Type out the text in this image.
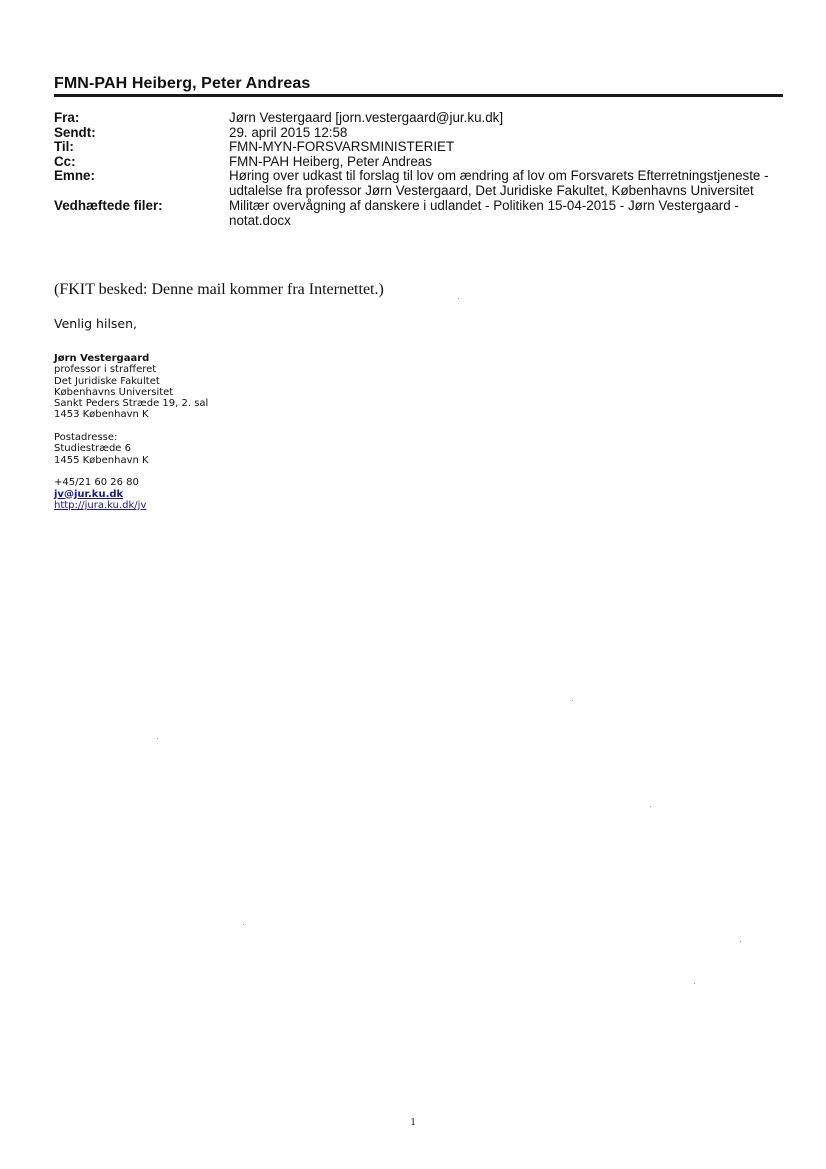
FMN-PAH Heiberg, Peter Andreas
Fra:	Jørn Vestergaard [jorn.vestergaard@jur.ku.dk]
Sendt:	29. april 2015 12:58
Til:	FMN-MYN-FORSVARSMINISTERIET
Cc:	FMN-PAH Heiberg, Peter Andreas
Emne:	Høring over udkast til forslag til lov om ændring af lov om Forsvarets Efterretningstjeneste - udtalelse fra professor Jørn Vestergaard, Det Juridiske Fakultet, Københavns Universitet
Vedhæftede filer:	Militær overvågning af danskere i udlandet - Politiken 15-04-2015 - Jørn Vestergaard - notat.docx
(FKIT besked: Denne mail kommer fra Internettet.)
Venlig hilsen,
Jørn Vestergaard
professor i strafferet
Det Juridiske Fakultet
Københavns Universitet
Sankt Peders Stræde 19, 2. sal
1453 København K
Postadresse:
Studiestræde 6
1455 København K
+45/21 60 26 80
jv@jur.ku.dk
http://jura.ku.dk/jv
1
